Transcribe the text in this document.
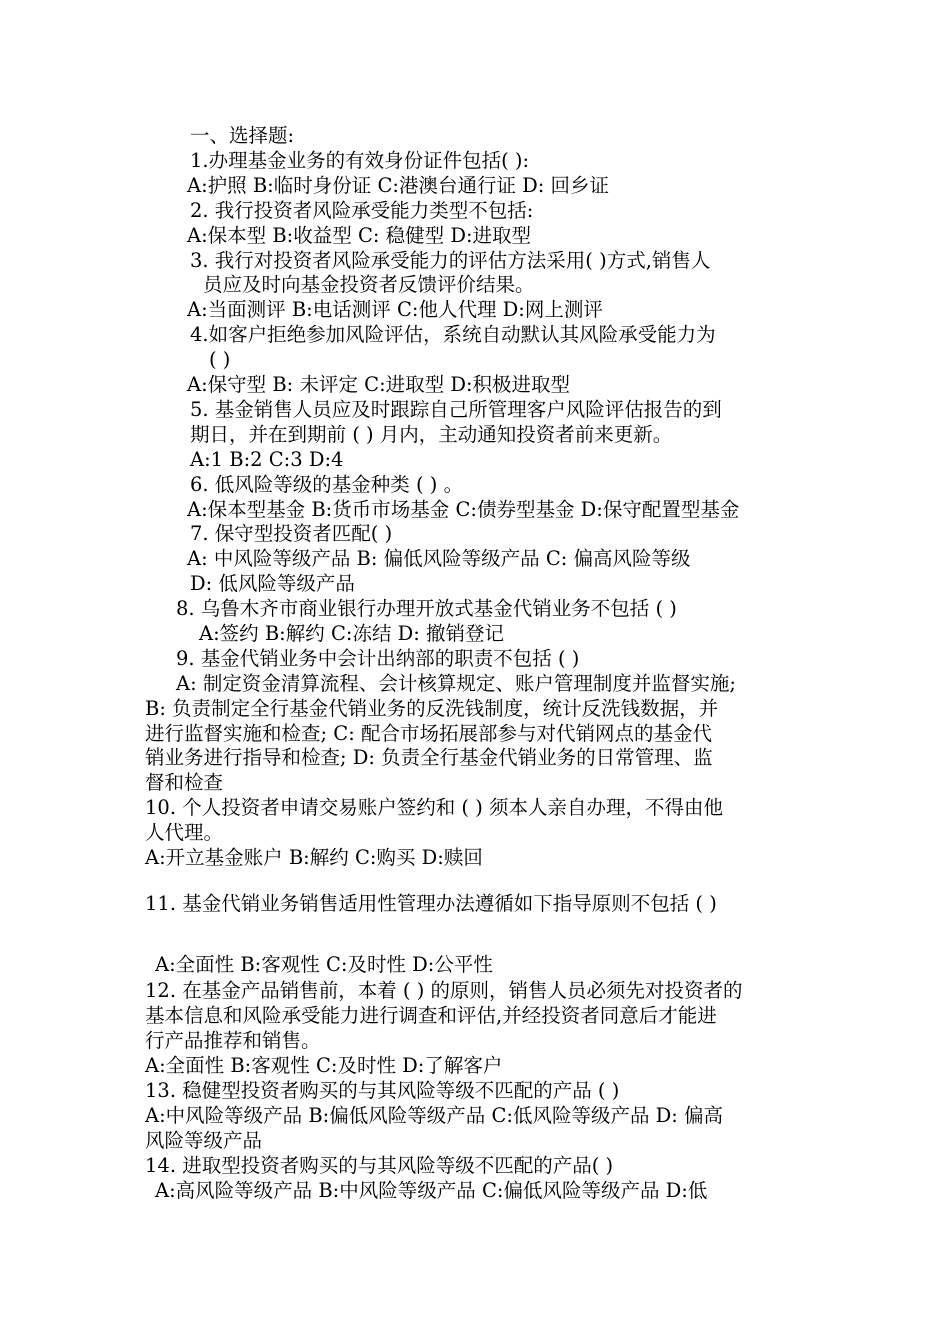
一、选择题:
1.办理基金业务的有效身份证件包括( ):
A:护照 B:临时身份证 C:港澳台通行证 D: 回乡证
2. 我行投资者风险承受能力类型不包括:
A:保本型 B:收益型 C: 稳健型 D:进取型
3. 我行对投资者风险承受能力的评估方法采用( )方式,销售人
员应及时向基金投资者反馈评价结果。
A:当面测评 B:电话测评 C:他人代理 D:网上测评
4.如客户拒绝参加风险评估，系统自动默认其风险承受能力为
( )
A:保守型 B: 未评定 C:进取型 D:积极进取型
5. 基金销售人员应及时跟踪自己所管理客户风险评估报告的到
期日，并在到期前 ( ) 月内，主动通知投资者前来更新。
A:1 B:2 C:3 D:4
6. 低风险等级的基金种类 ( ) 。
A:保本型基金 B:货币市场基金 C:债券型基金 D:保守配置型基金
7. 保守型投资者匹配( )
A: 中风险等级产品 B: 偏低风险等级产品 C: 偏高风险等级
D: 低风险等级产品
8. 乌鲁木齐市商业银行办理开放式基金代销业务不包括 ( )
A:签约 B:解约 C:冻结 D: 撤销登记
9. 基金代销业务中会计出纳部的职责不包括 ( )
A: 制定资金清算流程、会计核算规定、账户管理制度并监督实施;
B: 负责制定全行基金代销业务的反洗钱制度，统计反洗钱数据，并
进行监督实施和检查; C: 配合市场拓展部参与对代销网点的基金代
销业务进行指导和检查; D: 负责全行基金代销业务的日常管理、监
督和检查
10. 个人投资者申请交易账户签约和 ( ) 须本人亲自办理，不得由他
人代理。
A:开立基金账户 B:解约 C:购买 D:赎回
11. 基金代销业务销售适用性管理办法遵循如下指导原则不包括 ( )
A:全面性 B:客观性 C:及时性 D:公平性
12. 在基金产品销售前，本着 ( ) 的原则，销售人员必须先对投资者的
基本信息和风险承受能力进行调查和评估,并经投资者同意后才能进
行产品推荐和销售。
A:全面性 B:客观性 C:及时性 D:了解客户
13. 稳健型投资者购买的与其风险等级不匹配的产品 ( )
A:中风险等级产品 B:偏低风险等级产品 C:低风险等级产品 D: 偏高
风险等级产品
14. 进取型投资者购买的与其风险等级不匹配的产品( )
A:高风险等级产品 B:中风险等级产品 C:偏低风险等级产品 D:低
